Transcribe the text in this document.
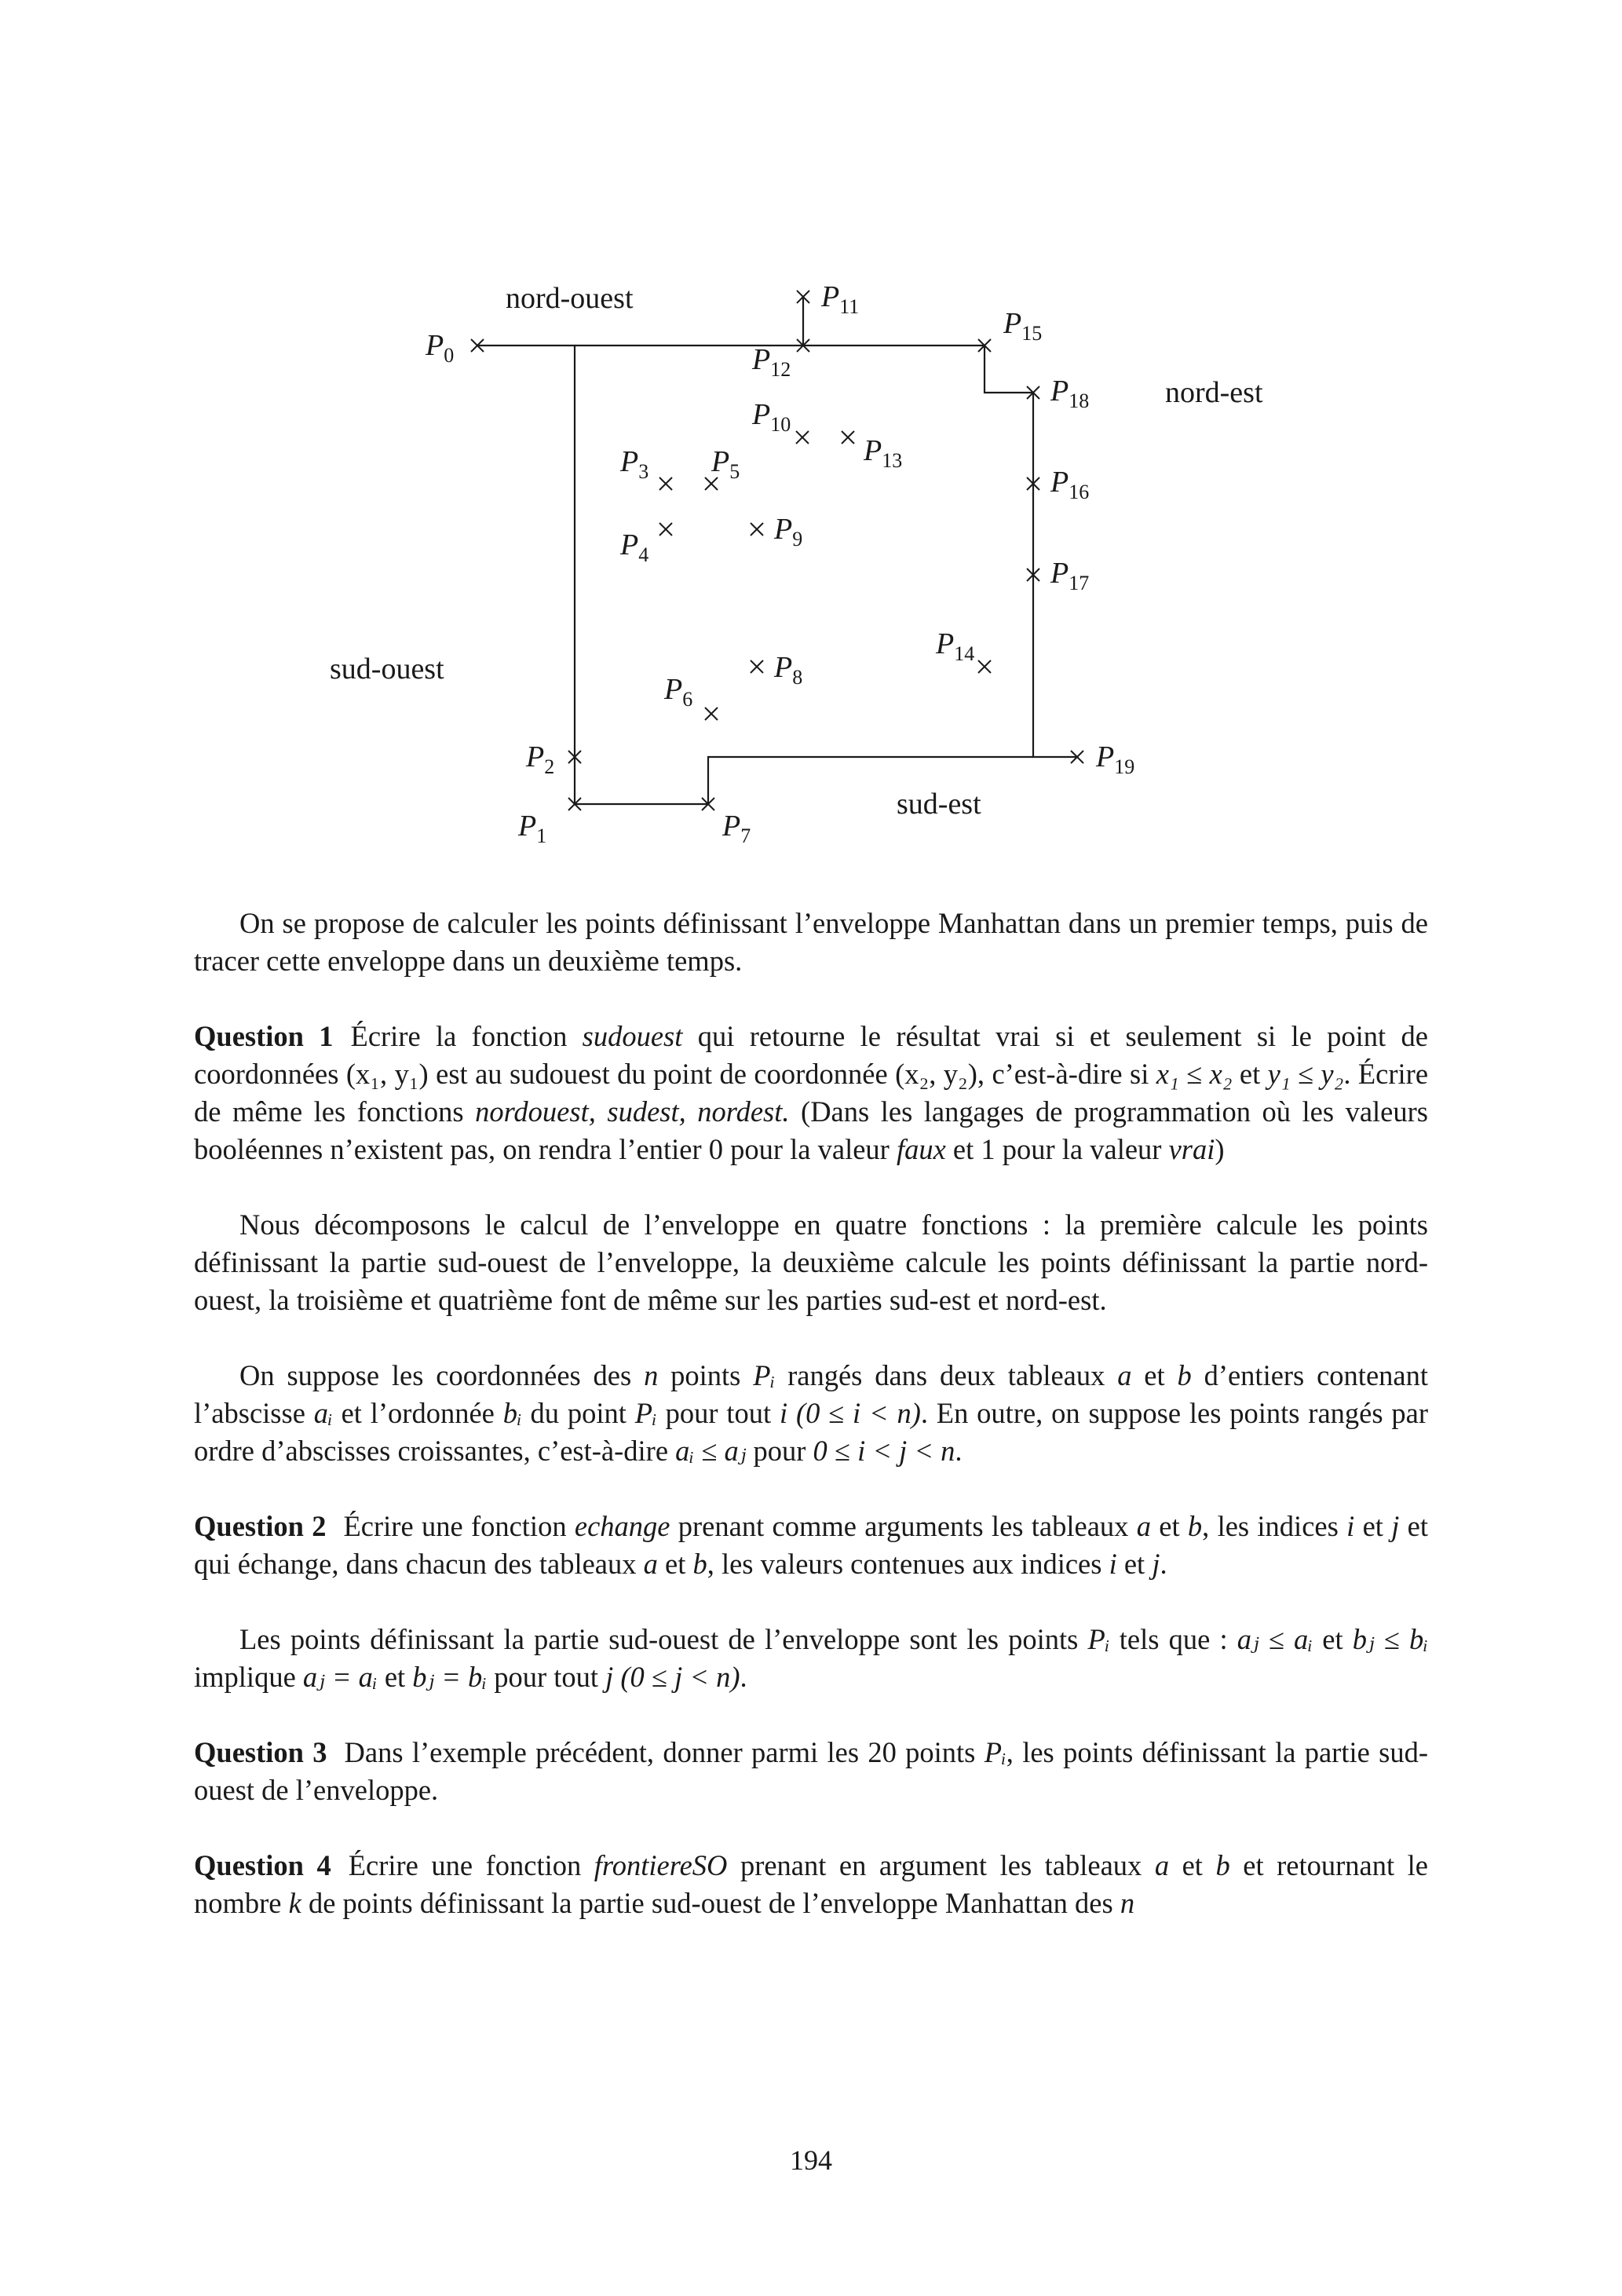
P0
P1
P2
P3
P4
P5
P6
P7
P8
P9
P10
P11
P12
P13
P14
P15
P16
P17
P18
P19
nord-ouest
nord-est
sud-ouest
sud-est

On se propose de calculer les points définissant l’enveloppe Manhattan dans un premier temps, puis de tracer cette enveloppe dans un deuxième temps.

Question 1 Écrire la fonction sudouest qui retourne le résultat vrai si et seulement si le point de coordonnées (x₁, y₁) est au sudouest du point de coordonnée (x₂, y₂), c’est-à-dire si x₁ ≤ x₂ et y₁ ≤ y₂. Écrire de même les fonctions nordouest, sudest, nordest. (Dans les langages de programmation où les valeurs booléennes n’existent pas, on rendra l’entier 0 pour la valeur faux et 1 pour la valeur vrai)

Nous décomposons le calcul de l’enveloppe en quatre fonctions : la première calcule les points définissant la partie sud-ouest de l’enveloppe, la deuxième calcule les points définissant la partie nord-ouest, la troisième et quatrième font de même sur les parties sud-est et nord-est.

On suppose les coordonnées des n points Pᵢ rangés dans deux tableaux a et b d’entiers contenant l’abscisse aᵢ et l’ordonnée bᵢ du point Pᵢ pour tout i (0 ≤ i < n). En outre, on suppose les points rangés par ordre d’abscisses croissantes, c’est-à-dire aᵢ ≤ aⱼ pour 0 ≤ i < j < n.

Question 2 Écrire une fonction echange prenant comme arguments les tableaux a et b, les indices i et j et qui échange, dans chacun des tableaux a et b, les valeurs contenues aux indices i et j.

Les points définissant la partie sud-ouest de l’enveloppe sont les points Pᵢ tels que : aⱼ ≤ aᵢ et bⱼ ≤ bᵢ implique aⱼ = aᵢ et bⱼ = bᵢ pour tout j (0 ≤ j < n).

Question 3 Dans l’exemple précédent, donner parmi les 20 points Pᵢ, les points définissant la partie sud-ouest de l’enveloppe.

Question 4 Écrire une fonction frontiereSO prenant en argument les tableaux a et b et retournant le nombre k de points définissant la partie sud-ouest de l’enveloppe Manhattan des n

194
